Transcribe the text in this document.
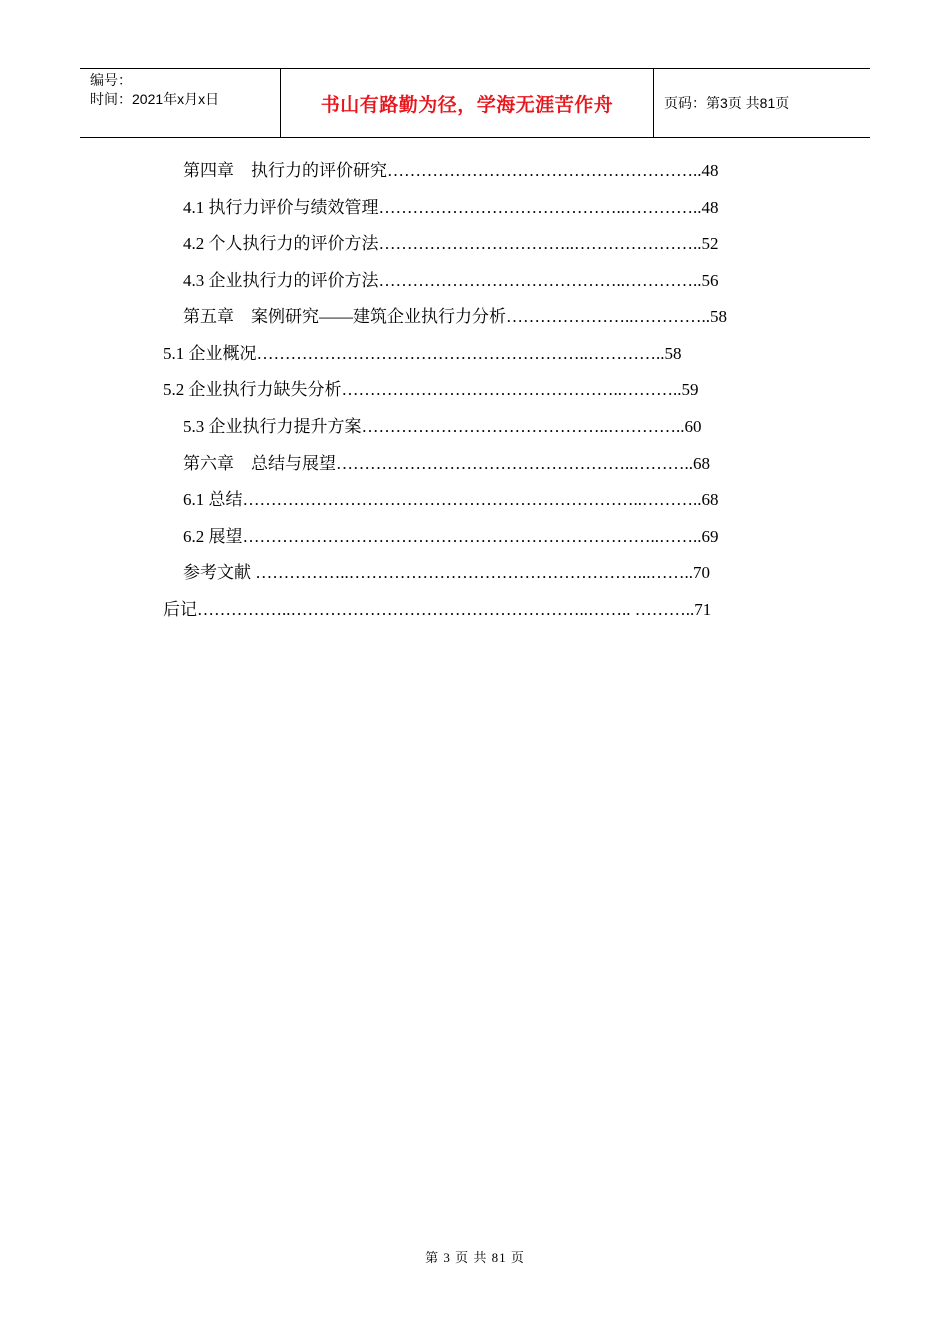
编号：
时间：2021年x月x日	书山有路勤为径，学海无涯苦作舟	页码：第3页 共81页
第四章　执行力的评价研究………………………………………………..48
4.1 执行力评价与绩效管理……………………………………..…………..48
4.2 个人执行力的评价方法……………………………..…………………..52
4.3 企业执行力的评价方法……………………………………..…………..56
第五章　案例研究——建筑企业执行力分析…………………..…………..58
5.1 企业概况…………………………………………………..…………..58
5.2 企业执行力缺失分析…………………………………………..………..59
5.3 企业执行力提升方案……………………………………..…………..60
第六章　总结与展望……………………………………………..………..68
6.1 总结……………………………………………………………..………..68
6.2 展望………………………………………………………………..……..69
参考文献 ……………..……………………………………………...……..70
后记……………..……………………………………………..…….. ………..71
第 3 页 共 81 页
